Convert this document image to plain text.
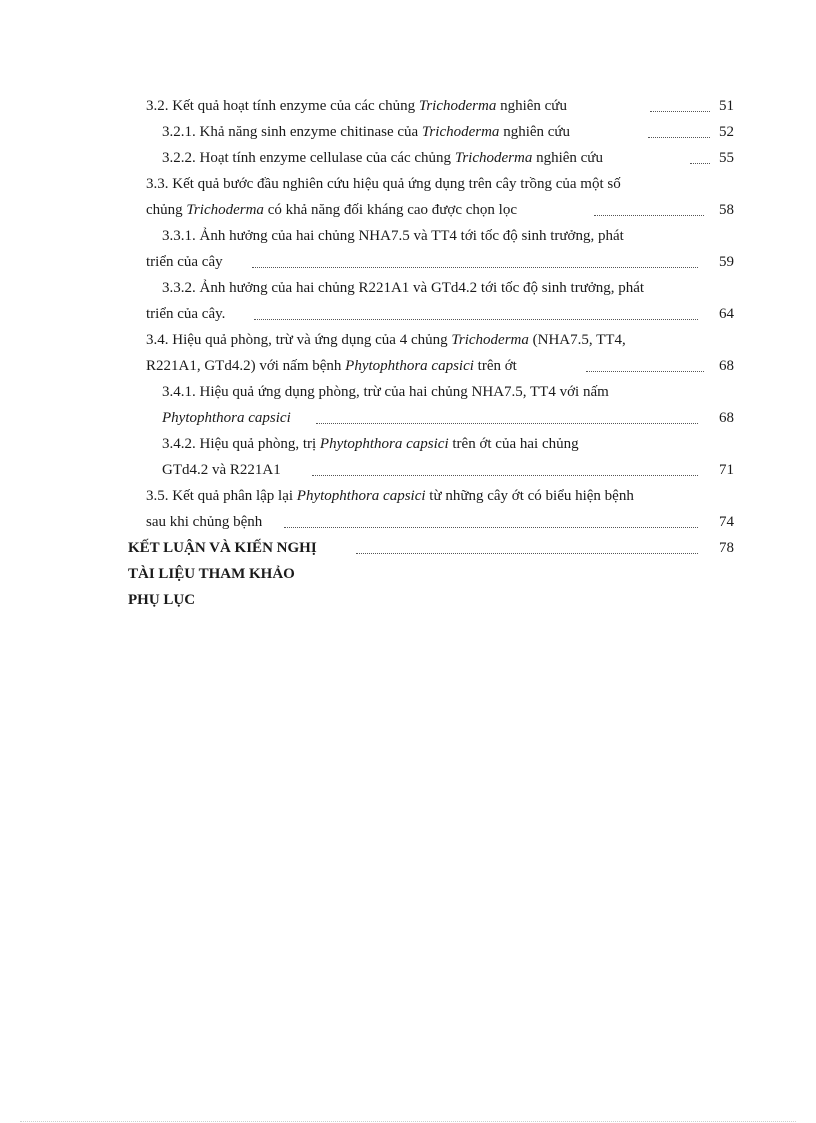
3.2. Kết quả hoạt tính enzyme của các chủng Trichoderma nghiên cứu	51
3.2.1. Khả năng sinh enzyme chitinase của Trichoderma nghiên cứu	52
3.2.2. Hoạt tính enzyme cellulase của các chủng Trichoderma nghiên cứu	55
3.3. Kết quả bước đầu nghiên cứu hiệu quả ứng dụng trên cây trồng của một số
chủng Trichoderma có khả năng đối kháng cao được chọn lọc	58
3.3.1. Ảnh hưởng của hai chủng NHA7.5 và TT4 tới tốc độ sinh trưởng, phát
triển của cây	59
3.3.2. Ảnh hưởng của hai chủng R221A1 và GTd4.2 tới tốc độ sinh trưởng, phát
triển của cây.	64
3.4. Hiệu quả phòng, trừ và ứng dụng của 4 chủng Trichoderma (NHA7.5, TT4,
R221A1, GTd4.2) với nấm bệnh Phytophthora capsici trên ớt	68
3.4.1. Hiệu quả ứng dụng phòng, trừ của hai chủng NHA7.5, TT4 với nấm
Phytophthora capsici	68
3.4.2. Hiệu quả phòng, trị Phytophthora capsici trên ớt của hai chủng
GTd4.2 và R221A1	71
3.5. Kết quả phân lập lại Phytophthora capsici từ những cây ớt có biểu hiện bệnh
sau khi chủng bệnh	74
KẾT LUẬN VÀ KIẾN NGHỊ	78
TÀI LIỆU THAM KHẢO
PHỤ LỤC
